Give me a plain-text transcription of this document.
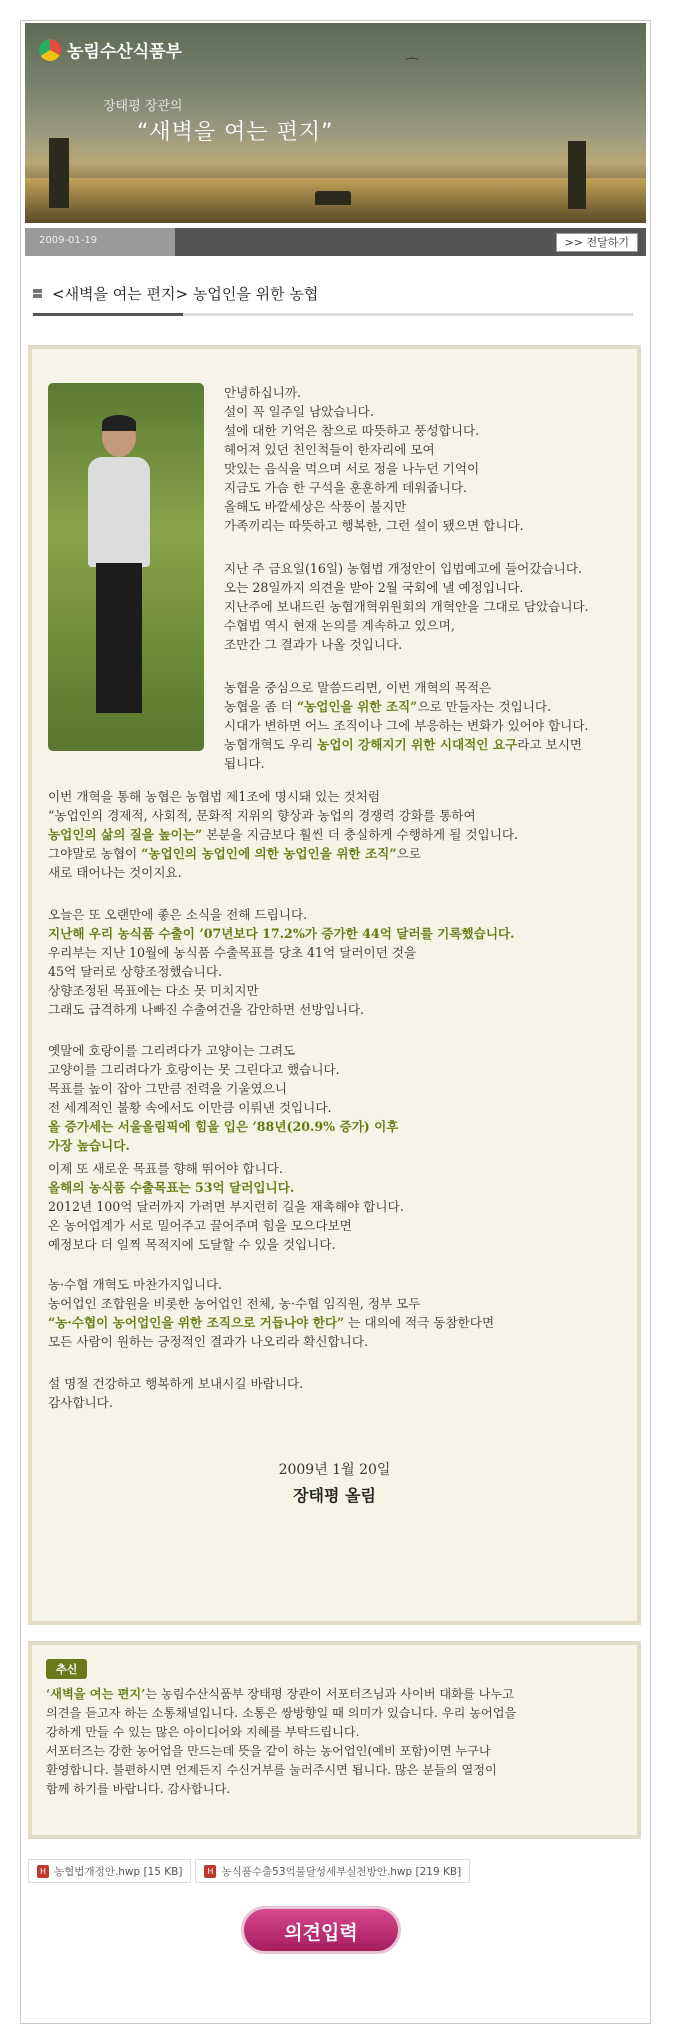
농림수산식품부
⌒
장태평 장관의
“새벽을 여는 편지”
2009-01-19	>> 전달하기
<새벽을 여는 편지> 농업인을 위한 농협
안녕하십니까.
설이 꼭 일주일 남았습니다.
설에 대한 기억은 참으로 따뜻하고 풍성합니다.
헤어져 있던 친인척들이 한자리에 모여
맛있는 음식을 먹으며 서로 정을 나누던 기억이
지금도 가슴 한 구석을 훈훈하게 데워줍니다.
올해도 바깥세상은 삭풍이 불지만
가족끼리는 따뜻하고 행복한, 그런 설이 됐으면 합니다.
지난 주 금요일(16일) 농협법 개정안이 입법예고에 들어갔습니다.
오는 28일까지 의견을 받아 2월 국회에 낼 예정입니다.
지난주에 보내드린 농협개혁위원회의 개혁안을 그대로 담았습니다.
수협법 역시 현재 논의를 계속하고 있으며,
조만간 그 결과가 나올 것입니다.
농협을 중심으로 말씀드리면, 이번 개혁의 목적은
농협을 좀 더 “농업인을 위한 조직”으로 만들자는 것입니다.
시대가 변하면 어느 조직이나 그에 부응하는 변화가 있어야 합니다.
농협개혁도 우리 농업이 강해지기 위한 시대적인 요구라고 보시면
됩니다.
이번 개혁을 통해 농협은 농협법 제1조에 명시돼 있는 것처럼
“농업인의 경제적, 사회적, 문화적 지위의 향상과 농업의 경쟁력 강화를 통하여
농업인의 삶의 질을 높이는” 본분을 지금보다 훨씬 더 충실하게 수행하게 될 것입니다.
그야말로 농협이 “농업인의 농업인에 의한 농업인을 위한 조직”으로
새로 태어나는 것이지요.
오늘은 또 오랜만에 좋은 소식을 전해 드립니다.
지난해 우리 농식품 수출이 ’07년보다 17.2%가 증가한 44억 달러를 기록했습니다.
우리부는 지난 10월에 농식품 수출목표를 당초 41억 달러이던 것을
45억 달러로 상향조정했습니다.
상향조정된 목표에는 다소 못 미치지만
그래도 급격하게 나빠진 수출여건을 감안하면 선방입니다.
옛말에 호랑이를 그리려다가 고양이는 그려도
고양이를 그리려다가 호랑이는 못 그린다고 했습니다.
목표를 높이 잡아 그만큼 전력을 기울였으니
전 세계적인 불황 속에서도 이만큼 이뤄낸 것입니다.
올 증가세는 서울올림픽에 힘을 입은 ’88년(20.9% 증가) 이후
가장 높습니다.
이제 또 새로운 목표를 향해 뛰어야 합니다.
올해의 농식품 수출목표는 53억 달러입니다.
2012년 100억 달러까지 가려면 부지런히 길을 재촉해야 합니다.
온 농어업계가 서로 밀어주고 끌어주며 힘을 모으다보면
예정보다 더 일찍 목적지에 도달할 수 있을 것입니다.
농·수협 개혁도 마찬가지입니다.
농어업인 조합원을 비롯한 농어업인 전체, 농·수협 임직원, 정부 모두
“농·수협이 농어업인을 위한 조직으로 거듭나야 한다” 는 대의에 적극 동참한다면
모든 사람이 원하는 긍정적인 결과가 나오리라 확신합니다.
설 명절 건강하고 행복하게 보내시길 바랍니다.
감사합니다.
2009년 1월 20일
장태평 올림
추신
‘새벽을 여는 편지’는 농림수산식품부 장태평 장관이 서포터즈님과 사이버 대화를 나누고
의견을 듣고자 하는 소통채널입니다. 소통은 쌍방향일 때 의미가 있습니다. 우리 농어업을
강하게 만들 수 있는 많은 아이디어와 지혜를 부탁드립니다.
서포터즈는 강한 농어업을 만드는데 뜻을 같이 하는 농어업인(예비 포함)이면 누구나
환영합니다. 불편하시면 언제든지 수신거부를 눌러주시면 됩니다. 많은 분들의 열정이
함께 하기를 바랍니다. 감사합니다.
H 농협법개정안.hwp [15 KB]	H 농식품수출53억불달성세부실천방안.hwp [219 KB]
의견입력
